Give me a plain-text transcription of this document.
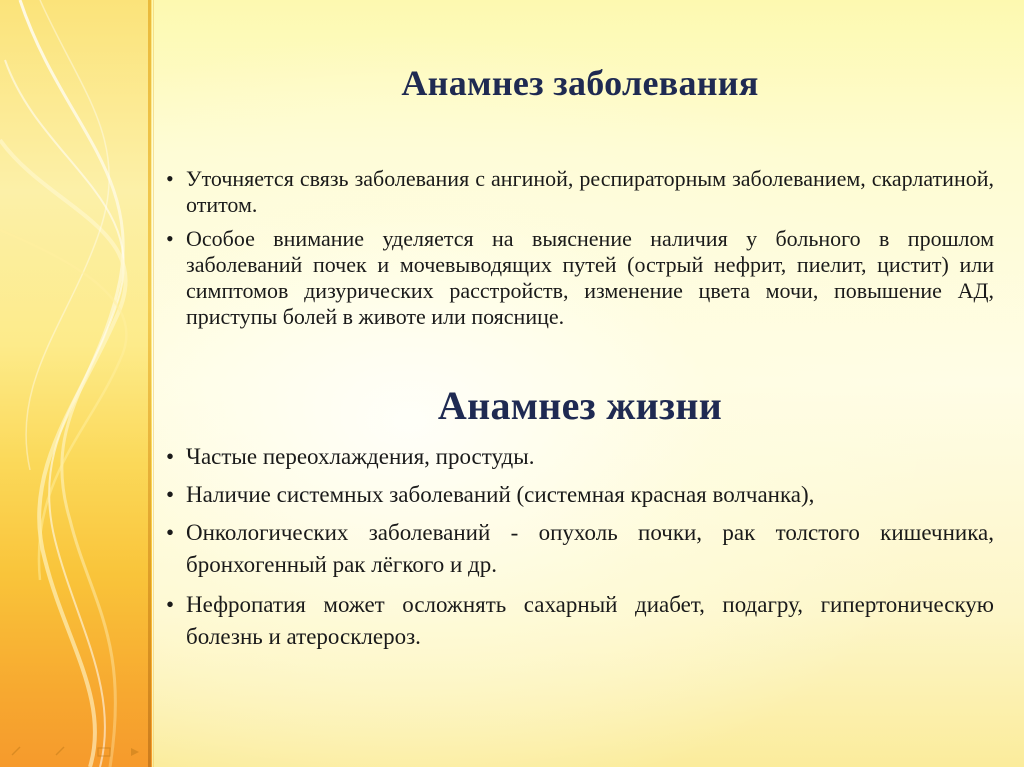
Анамнез заболевания
• Уточняется связь заболевания с ангиной, респираторным заболеванием, скарлатиной, отитом.
• Особое внимание уделяется на выяснение наличия у больного в прошлом заболеваний почек и мочевыводящих путей (острый нефрит, пиелит, цистит) или симптомов дизурических расстройств, изменение цвета мочи, повышение АД, приступы болей в животе или пояснице.
Анамнез жизни
• Частые переохлаждения, простуды.
• Наличие системных заболеваний (системная красная волчанка),
• Онкологических заболеваний - опухоль почки, рак толстого кишечника, бронхогенный рак лёгкого и др.
• Нефропатия может осложнять сахарный диабет, подагру, гипертоническую болезнь и атеросклероз.
